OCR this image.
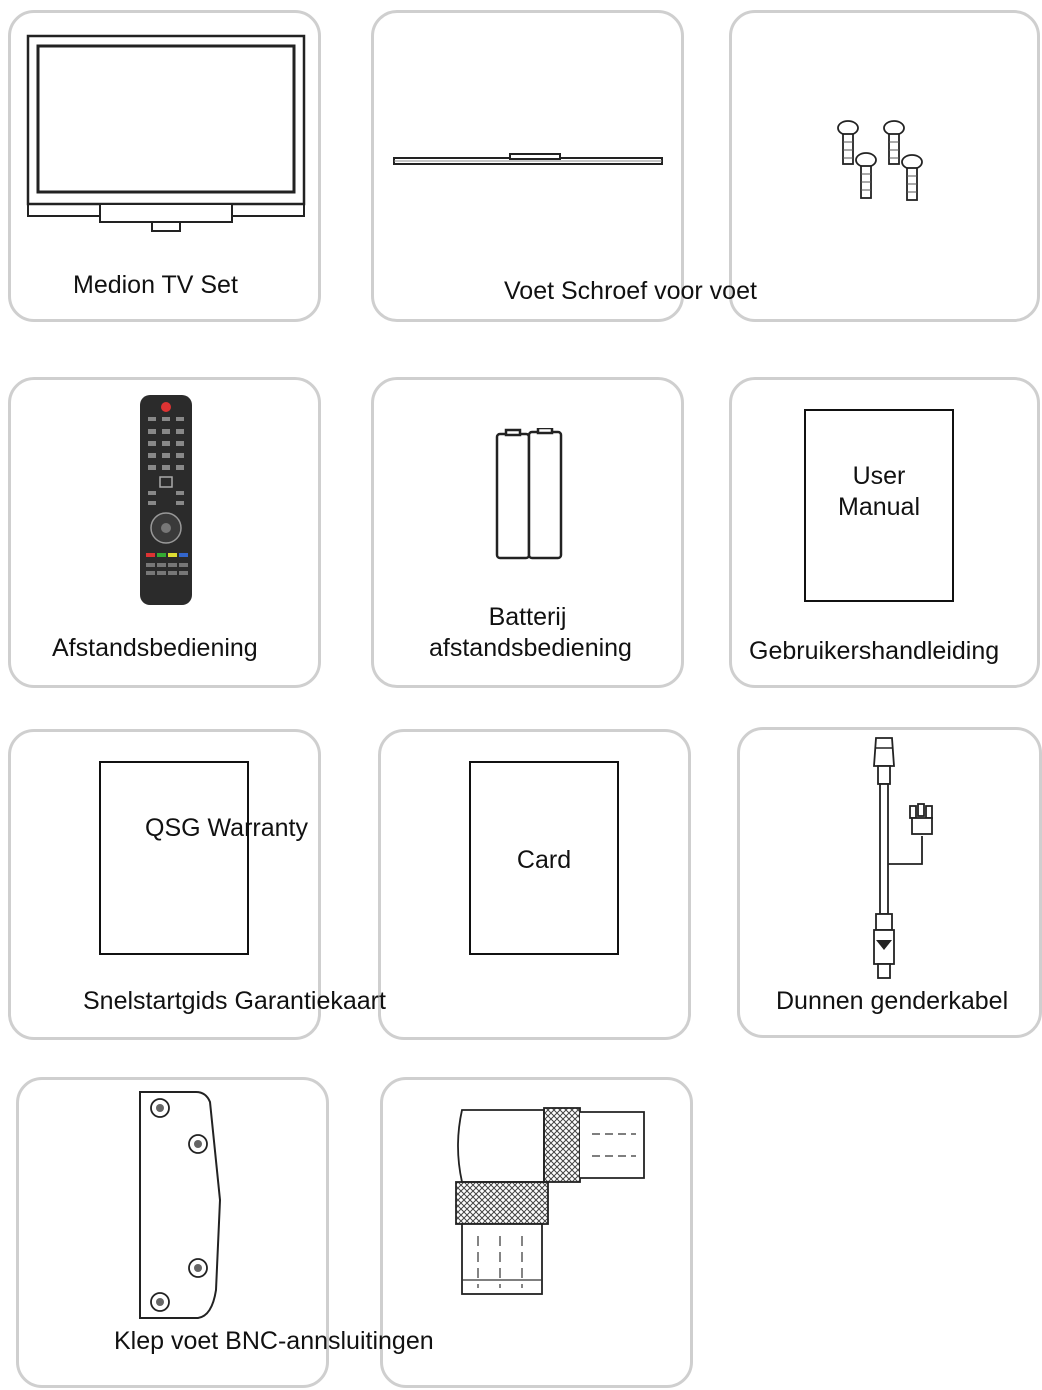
Medion TV Set	Voet Schroef voor voet
Afstandsbediening
Batterij
afstandsbediening
User
Manual
Gebruikershandleiding
QSG Warranty
Card
Snelstartgids Garantiekaart	Dunnen genderkabel
Klep voet BNC-annsluitingen
